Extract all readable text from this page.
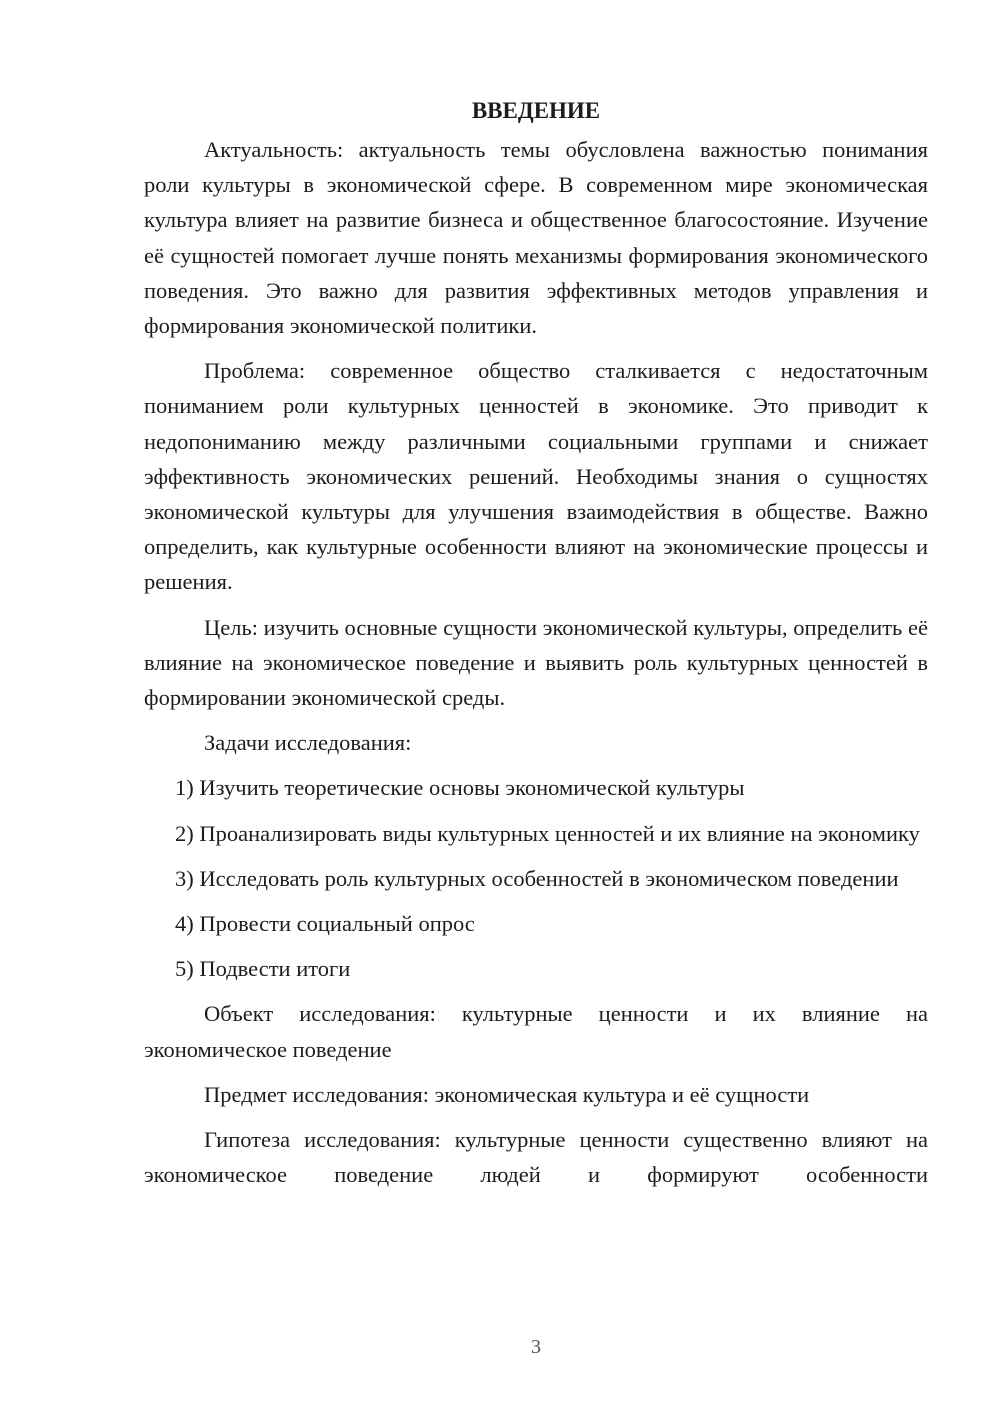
ВВЕДЕНИЕ

Актуальность: актуальность темы обусловлена важностью понимания роли культуры в экономической сфере. В современном мире экономическая культура влияет на развитие бизнеса и общественное благосостояние. Изучение её сущностей помогает лучше понять механизмы формирования экономического поведения. Это важно для развития эффективных методов управления и формирования экономической политики.

Проблема: современное общество сталкивается с недостаточным пониманием роли культурных ценностей в экономике. Это приводит к недопониманию между различными социальными группами и снижает эффективность экономических решений. Необходимы знания о сущностях экономической культуры для улучшения взаимодействия в обществе. Важно определить, как культурные особенности влияют на экономические процессы и решения.

Цель: изучить основные сущности экономической культуры, определить её влияние на экономическое поведение и выявить роль культурных ценностей в формировании экономической среды.

Задачи исследования:

1) Изучить теоретические основы экономической культуры

2) Проанализировать виды культурных ценностей и их влияние на экономику

3) Исследовать роль культурных особенностей в экономическом поведении

4) Провести социальный опрос

5) Подвести итоги

Объект исследования: культурные ценности и их влияние на экономическое поведение

Предмет исследования: экономическая культура и её сущности

Гипотеза исследования: культурные ценности существенно влияют на экономическое поведение людей и формируют особенности

3
